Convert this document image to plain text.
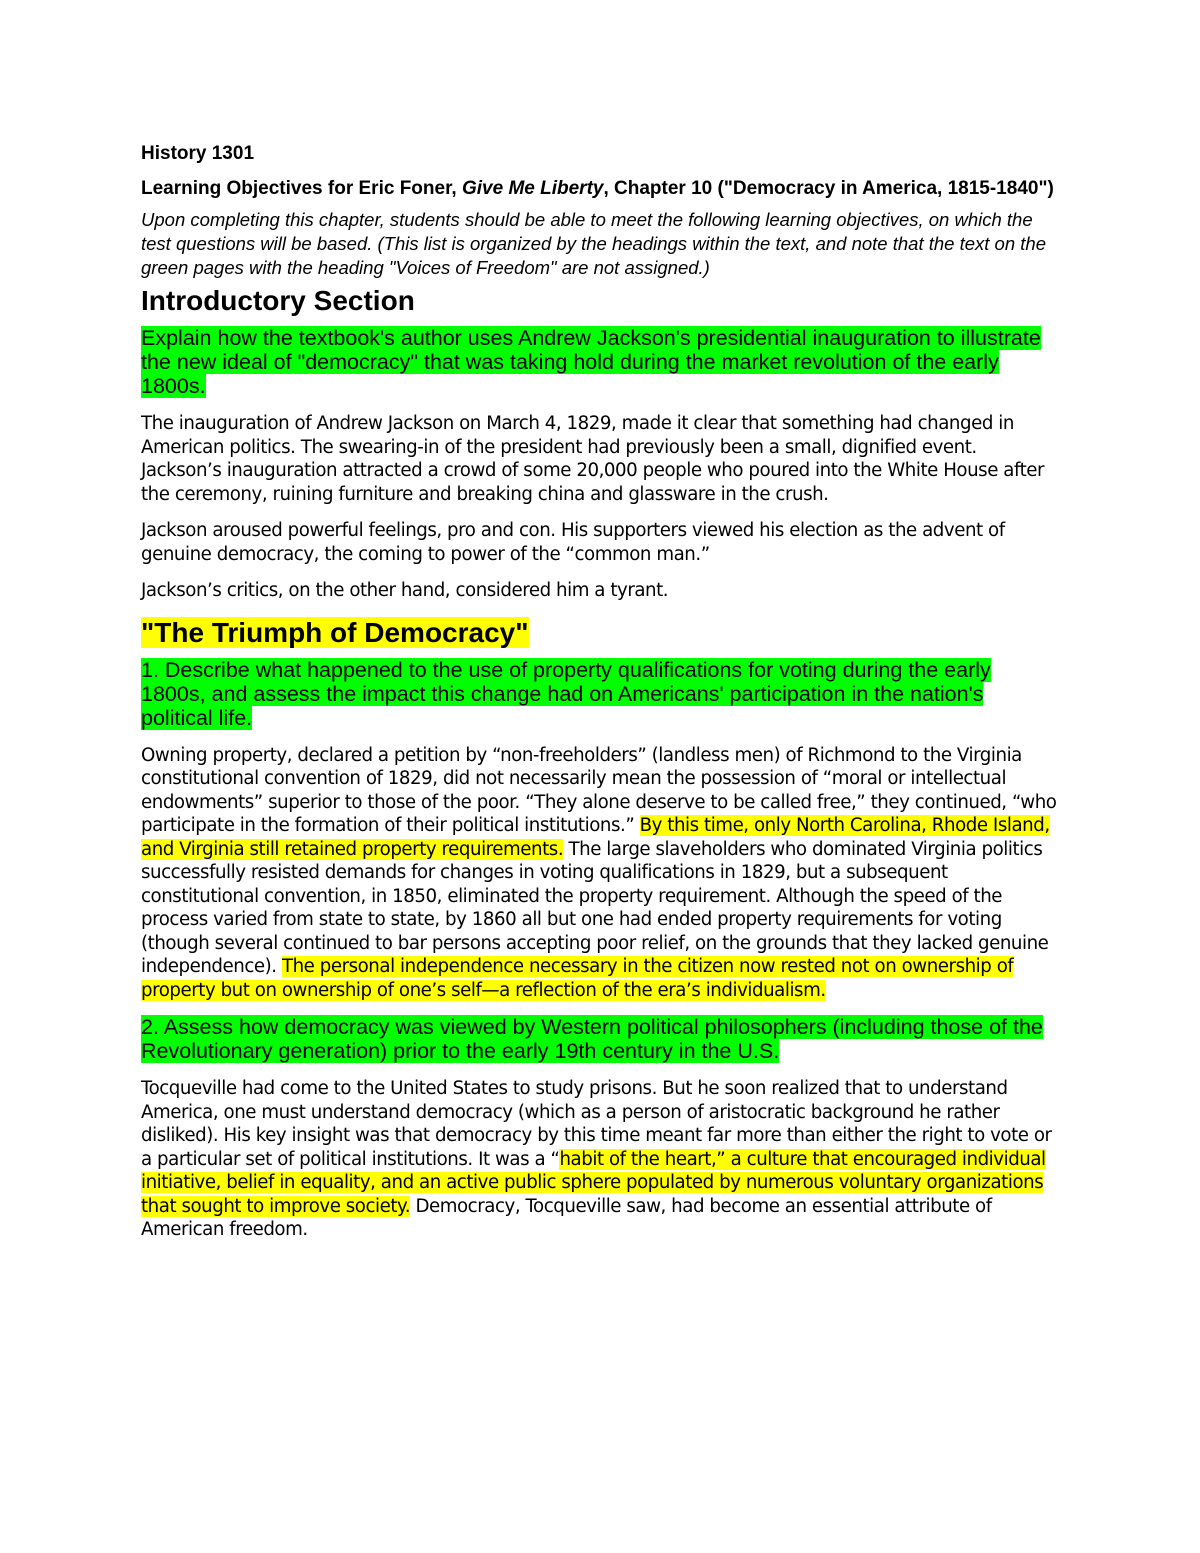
History 1301
Learning Objectives for Eric Foner, Give Me Liberty, Chapter 10 ("Democracy in America, 1815-1840")
Upon completing this chapter, students should be able to meet the following learning objectives, on which the test questions will be based. (This list is organized by the headings within the text, and note that the text on the green pages with the heading "Voices of Freedom" are not assigned.)
Introductory Section
Explain how the textbook's author uses Andrew Jackson's presidential inauguration to illustrate the new ideal of "democracy" that was taking hold during the market revolution of the early 1800s.
The inauguration of Andrew Jackson on March 4, 1829, made it clear that something had changed in American politics. The swearing-in of the president had previously been a small, dignified event. Jackson’s inauguration attracted a crowd of some 20,000 people who poured into the White House after the ceremony, ruining furniture and breaking china and glassware in the crush.
Jackson aroused powerful feelings, pro and con. His supporters viewed his election as the advent of genuine democracy, the coming to power of the “common man.”
Jackson’s critics, on the other hand, considered him a tyrant.
"The Triumph of Democracy"
1. Describe what happened to the use of property qualifications for voting during the early 1800s, and assess the impact this change had on Americans' participation in the nation's political life.
Owning property, declared a petition by “non-freeholders” (landless men) of Richmond to the Virginia constitutional convention of 1829, did not necessarily mean the possession of “moral or intellectual endowments” superior to those of the poor. “They alone deserve to be called free,” they continued, “who participate in the formation of their political institutions.” By this time, only North Carolina, Rhode Island, and Virginia still retained property requirements. The large slaveholders who dominated Virginia politics successfully resisted demands for changes in voting qualifications in 1829, but a subsequent constitutional convention, in 1850, eliminated the property requirement. Although the speed of the process varied from state to state, by 1860 all but one had ended property requirements for voting (though several continued to bar persons accepting poor relief, on the grounds that they lacked genuine independence). The personal independence necessary in the citizen now rested not on ownership of property but on ownership of one’s self—a reflection of the era’s individualism.
2. Assess how democracy was viewed by Western political philosophers (including those of the Revolutionary generation) prior to the early 19th century in the U.S.
Tocqueville had come to the United States to study prisons. But he soon realized that to understand America, one must understand democracy (which as a person of aristocratic background he rather disliked). His key insight was that democracy by this time meant far more than either the right to vote or a particular set of political institutions. It was a “habit of the heart,” a culture that encouraged individual initiative, belief in equality, and an active public sphere populated by numerous voluntary organizations that sought to improve society. Democracy, Tocqueville saw, had become an essential attribute of American freedom.
